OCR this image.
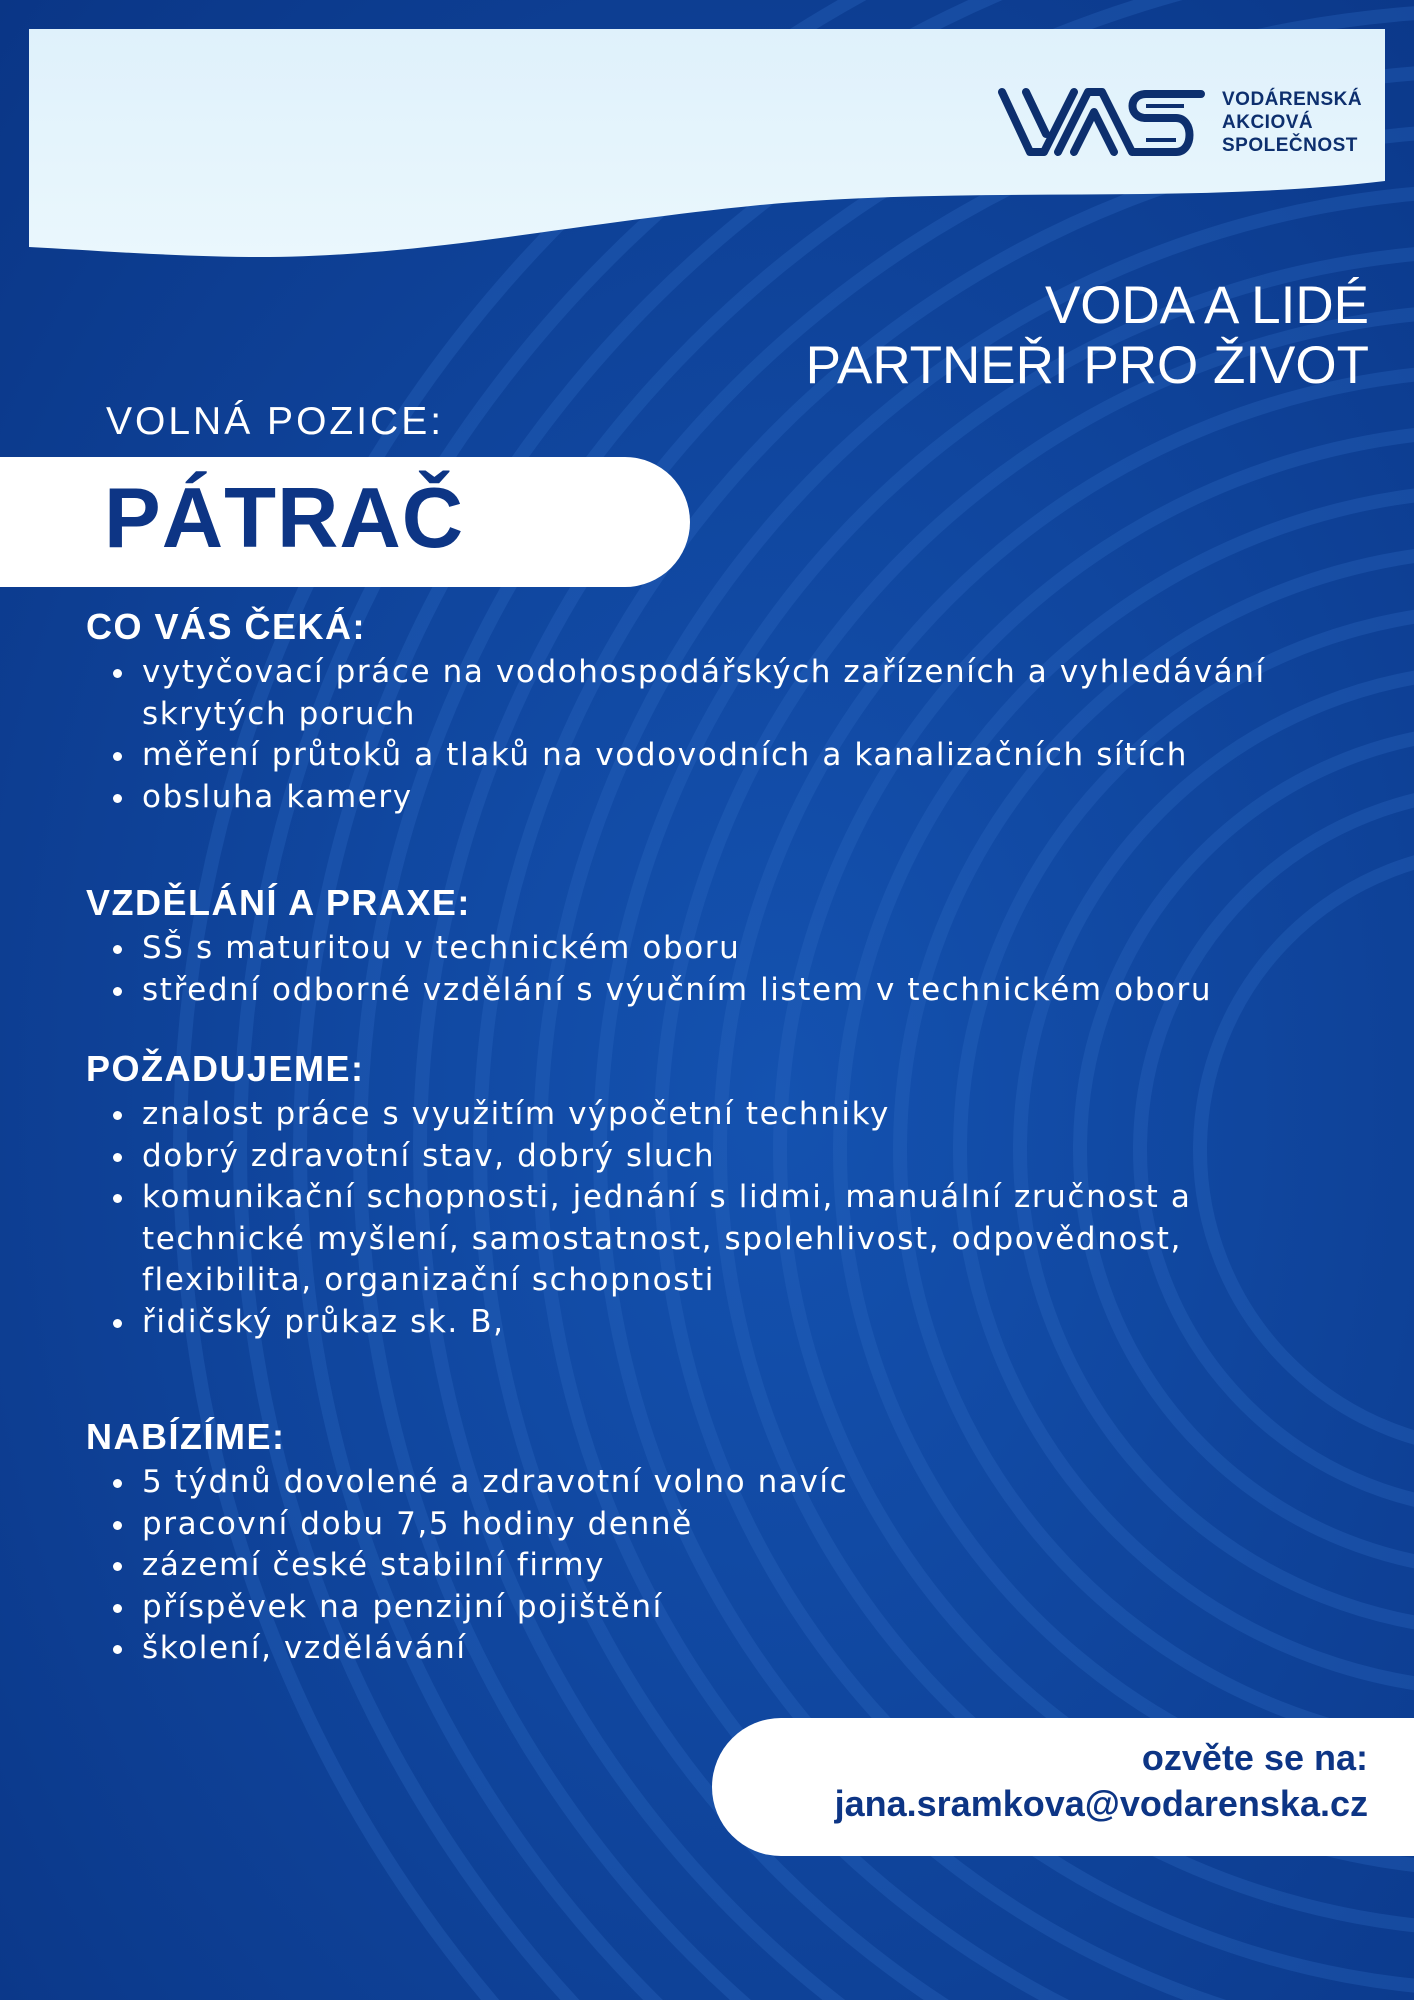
VODÁRENSKÁ
AKCIOVÁ
SPOLEČNOST
VODA A LIDÉ
PARTNEŘI PRO ŽIVOT
VOLNÁ POZICE:
PÁTRAČ
CO VÁS ČEKÁ:
vytyčovací práce na vodohospodářských zařízeních a vyhledávání skrytých poruch
měření průtoků a tlaků na vodovodních a kanalizačních sítích
obsluha kamery
VZDĚLÁNÍ A PRAXE:
SŠ s maturitou v technickém oboru
střední odborné vzdělání s výučním listem v technickém oboru
POŽADUJEME:
znalost práce s využitím výpočetní techniky
dobrý zdravotní stav, dobrý sluch
komunikační schopnosti, jednání s lidmi, manuální zručnost a technické myšlení, samostatnost, spolehlivost, odpovědnost, flexibilita, organizační schopnosti
řidičský průkaz sk. B,
NABÍZÍME:
5 týdnů dovolené a zdravotní volno navíc
pracovní dobu 7,5 hodiny denně
zázemí české stabilní firmy
příspěvek na penzijní pojištění
školení, vzdělávání
ozvěte se na:
jana.sramkova@vodarenska.cz
